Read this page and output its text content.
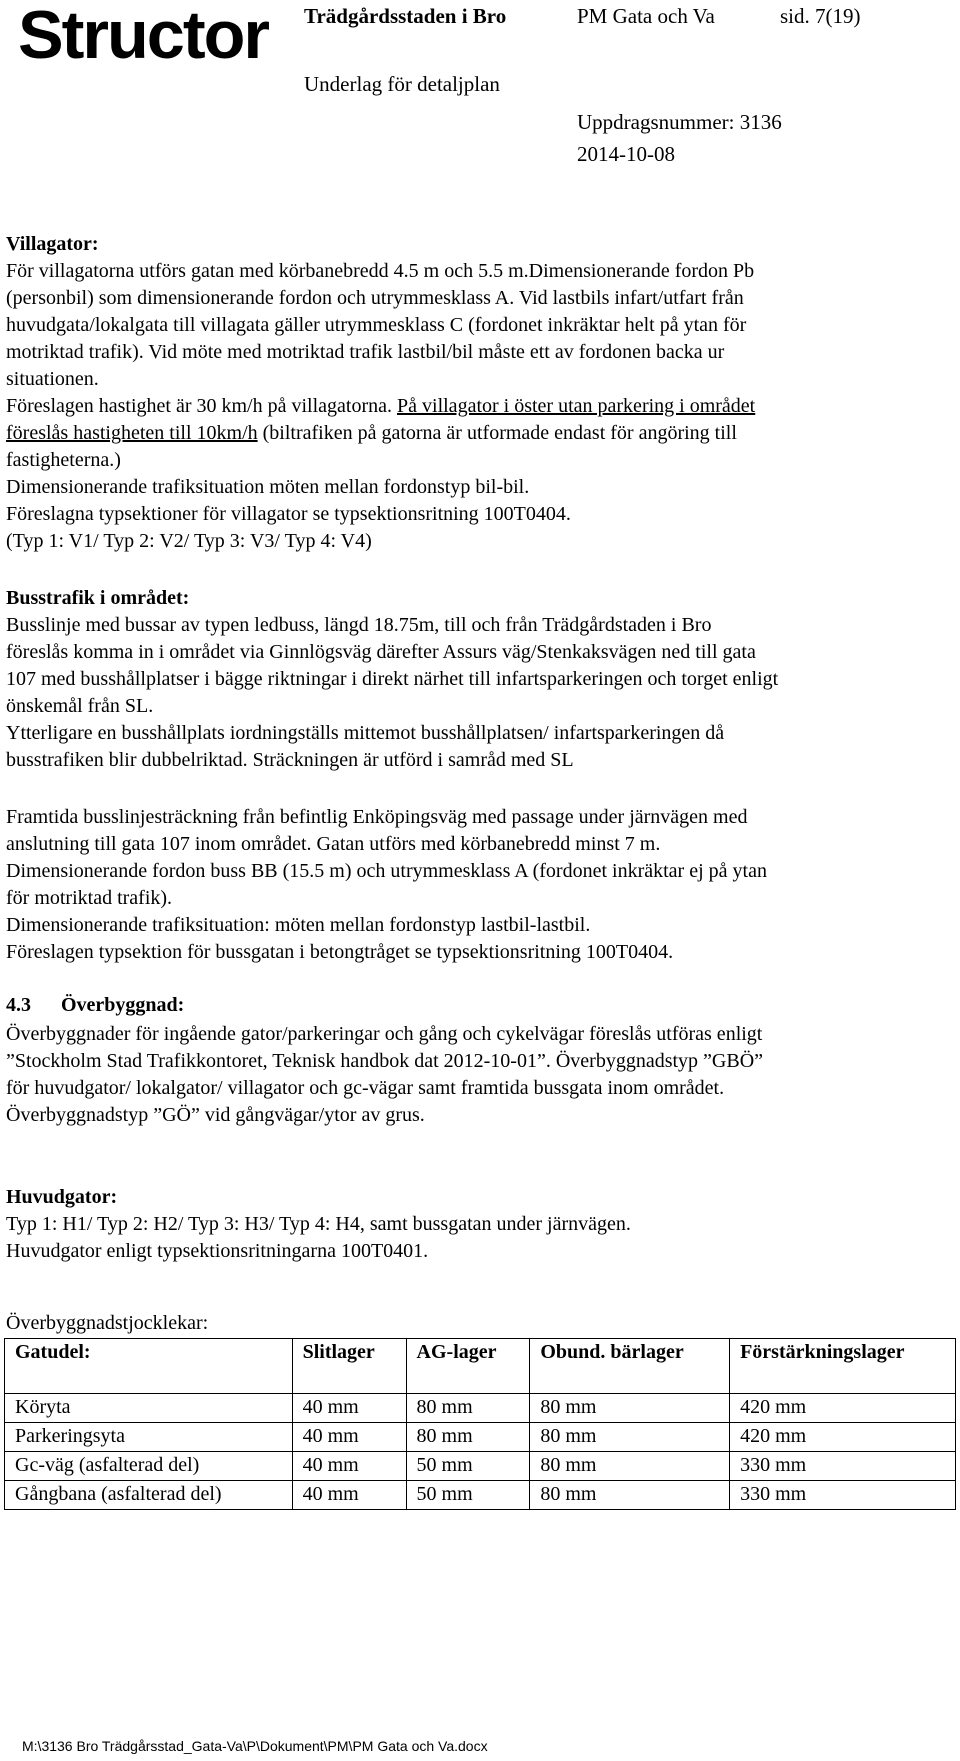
Structor Trädgårdsstaden i Bro	PM Gata och Va	sid. 7(19)
Underlag för detaljplan
Uppdragsnummer: 3136
2014-10-08
Villagator:
För villagatorna utförs gatan med körbanebredd 4.5 m och 5.5 m.Dimensionerande fordon Pb
(personbil) som dimensionerande fordon och utrymmesklass A. Vid lastbils infart/utfart från
huvudgata/lokalgata till villagata gäller utrymmesklass C (fordonet inkräktar helt på ytan för
motriktad trafik). Vid möte med motriktad trafik lastbil/bil måste ett av fordonen backa ur
situationen.
Föreslagen hastighet är 30 km/h på villagatorna. På villagator i öster utan parkering i området
föreslås hastigheten till 10km/h (biltrafiken på gatorna är utformade endast för angöring till
fastigheterna.)
Dimensionerande trafiksituation möten mellan fordonstyp bil-bil.
Föreslagna typsektioner för villagator se typsektionsritning 100T0404.
(Typ 1: V1/ Typ 2: V2/ Typ 3: V3/ Typ 4: V4)
Busstrafik i området:
Busslinje med bussar av typen ledbuss, längd 18.75m, till och från Trädgårdstaden i Bro
föreslås komma in i området via Ginnlögsväg därefter Assurs väg/Stenkaksvägen ned till gata
107 med busshållplatser i bägge riktningar i direkt närhet till infartsparkeringen och torget enligt
önskemål från SL.
Ytterligare en busshållplats iordningställs mittemot busshållplatsen/ infartsparkeringen då
busstrafiken blir dubbelriktad. Sträckningen är utförd i samråd med SL
Framtida busslinjesträckning från befintlig Enköpingsväg med passage under järnvägen med
anslutning till gata 107 inom området. Gatan utförs med körbanebredd minst 7 m.
Dimensionerande fordon buss BB (15.5 m) och utrymmesklass A (fordonet inkräktar ej på ytan
för motriktad trafik).
Dimensionerande trafiksituation: möten mellan fordonstyp lastbil-lastbil.
Föreslagen typsektion för bussgatan i betongtråget se typsektionsritning 100T0404.
4.3 Överbyggnad:
Överbyggnader för ingående gator/parkeringar och gång och cykelvägar föreslås utföras enligt
”Stockholm Stad Trafikkontoret, Teknisk handbok dat 2012-10-01”. Överbyggnadstyp ”GBÖ”
för huvudgator/ lokalgator/ villagator och gc-vägar samt framtida bussgata inom området.
Överbyggnadstyp ”GÖ” vid gångvägar/ytor av grus.
Huvudgator:
Typ 1: H1/ Typ 2: H2/ Typ 3: H3/ Typ 4: H4, samt bussgatan under järnvägen.
Huvudgator enligt typsektionsritningarna 100T0401.
Överbyggnadstjocklekar:
Gatudel:	Slitlager	AG-lager	Obund. bärlager	Förstärkningslager
Köryta	40 mm	80 mm	80 mm	420 mm
Parkeringsyta	40 mm	80 mm	80 mm	420 mm
Gc-väg (asfalterad del)	40 mm	50 mm	80 mm	330 mm
Gångbana (asfalterad del)	40 mm	50 mm	80 mm	330 mm
M:\3136 Bro Trädgårsstad_Gata-Va\P\Dokument\PM\PM Gata och Va.docx
